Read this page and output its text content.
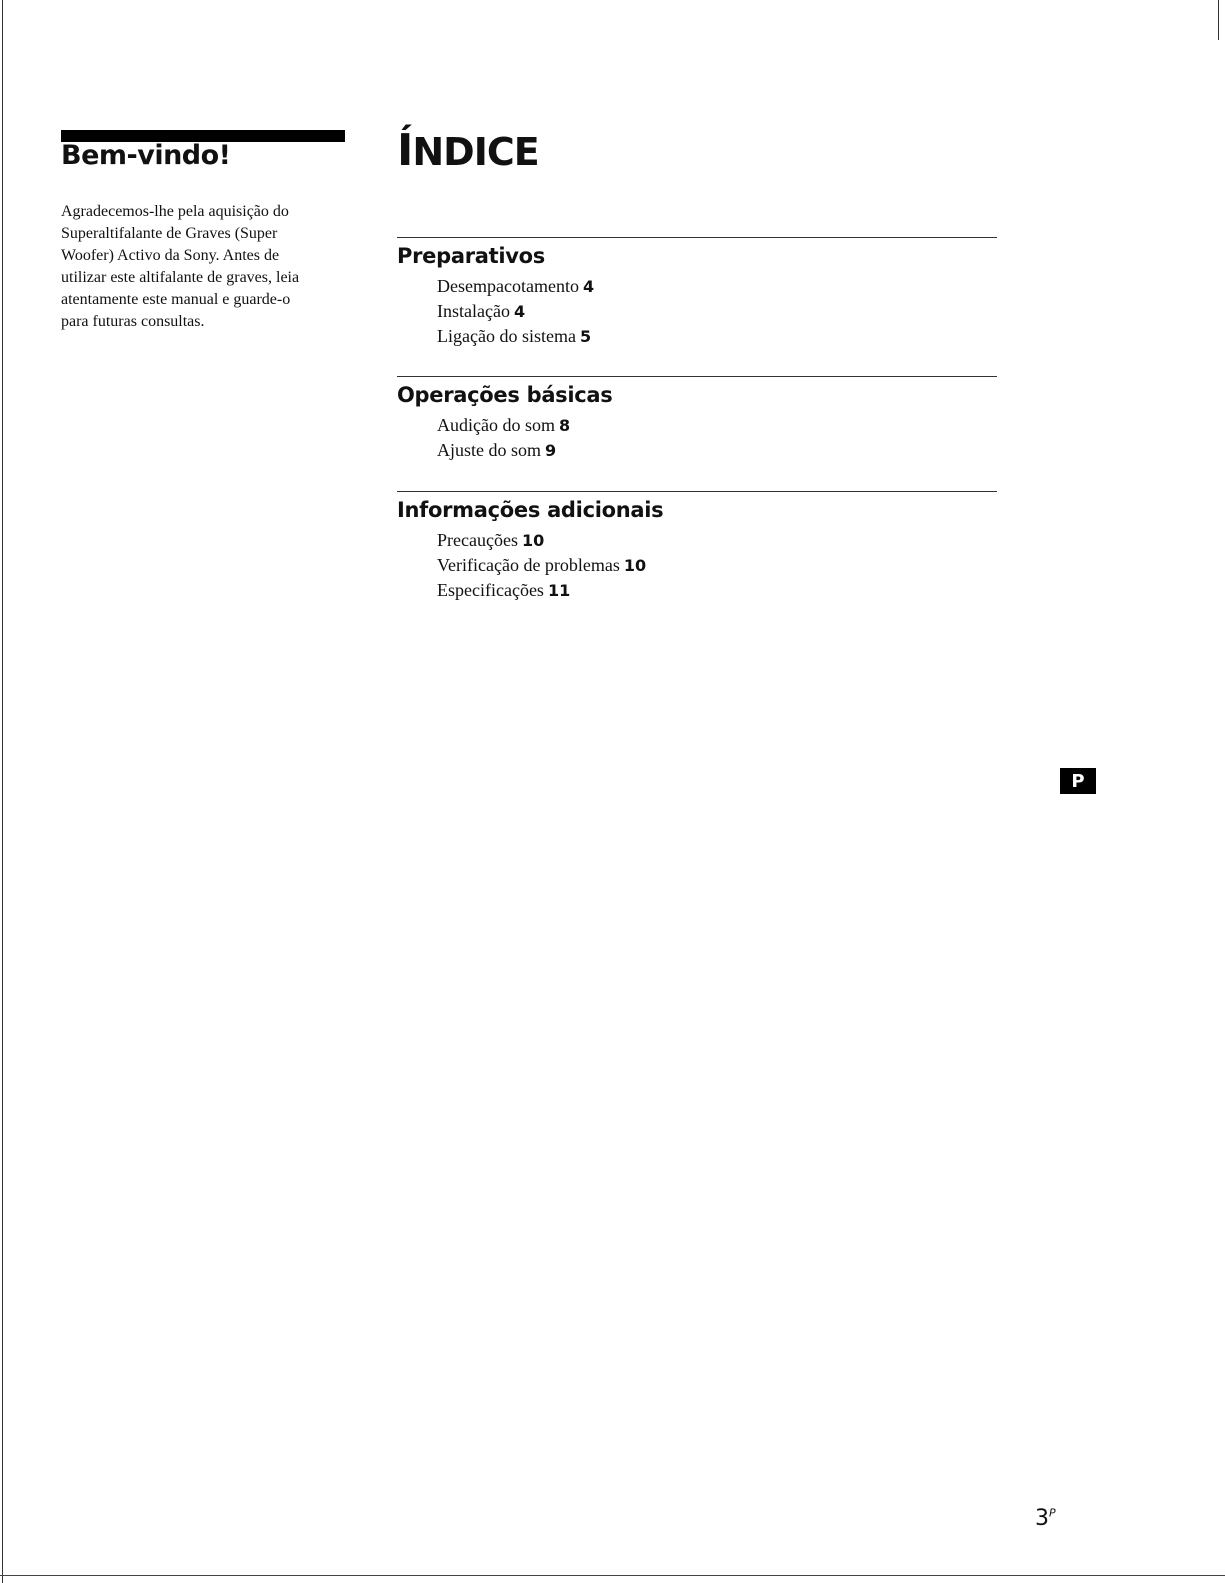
Bem-vindo!

Agradecemos-lhe pela aquisição do
Superaltifalante de Graves (Super
Woofer) Activo da Sony. Antes de
utilizar este altifalante de graves, leia
atentamente este manual e guarde-o
para futuras consultas.

ÍNDICE
Preparativos
Desempacotamento 4
Instalação 4
Ligação do sistema 5
Operações básicas
Audição do som 8
Ajuste do som 9
Informações adicionais
Precauções 10
Verificação de problemas 10
Especificações 11
P
$3^P$
